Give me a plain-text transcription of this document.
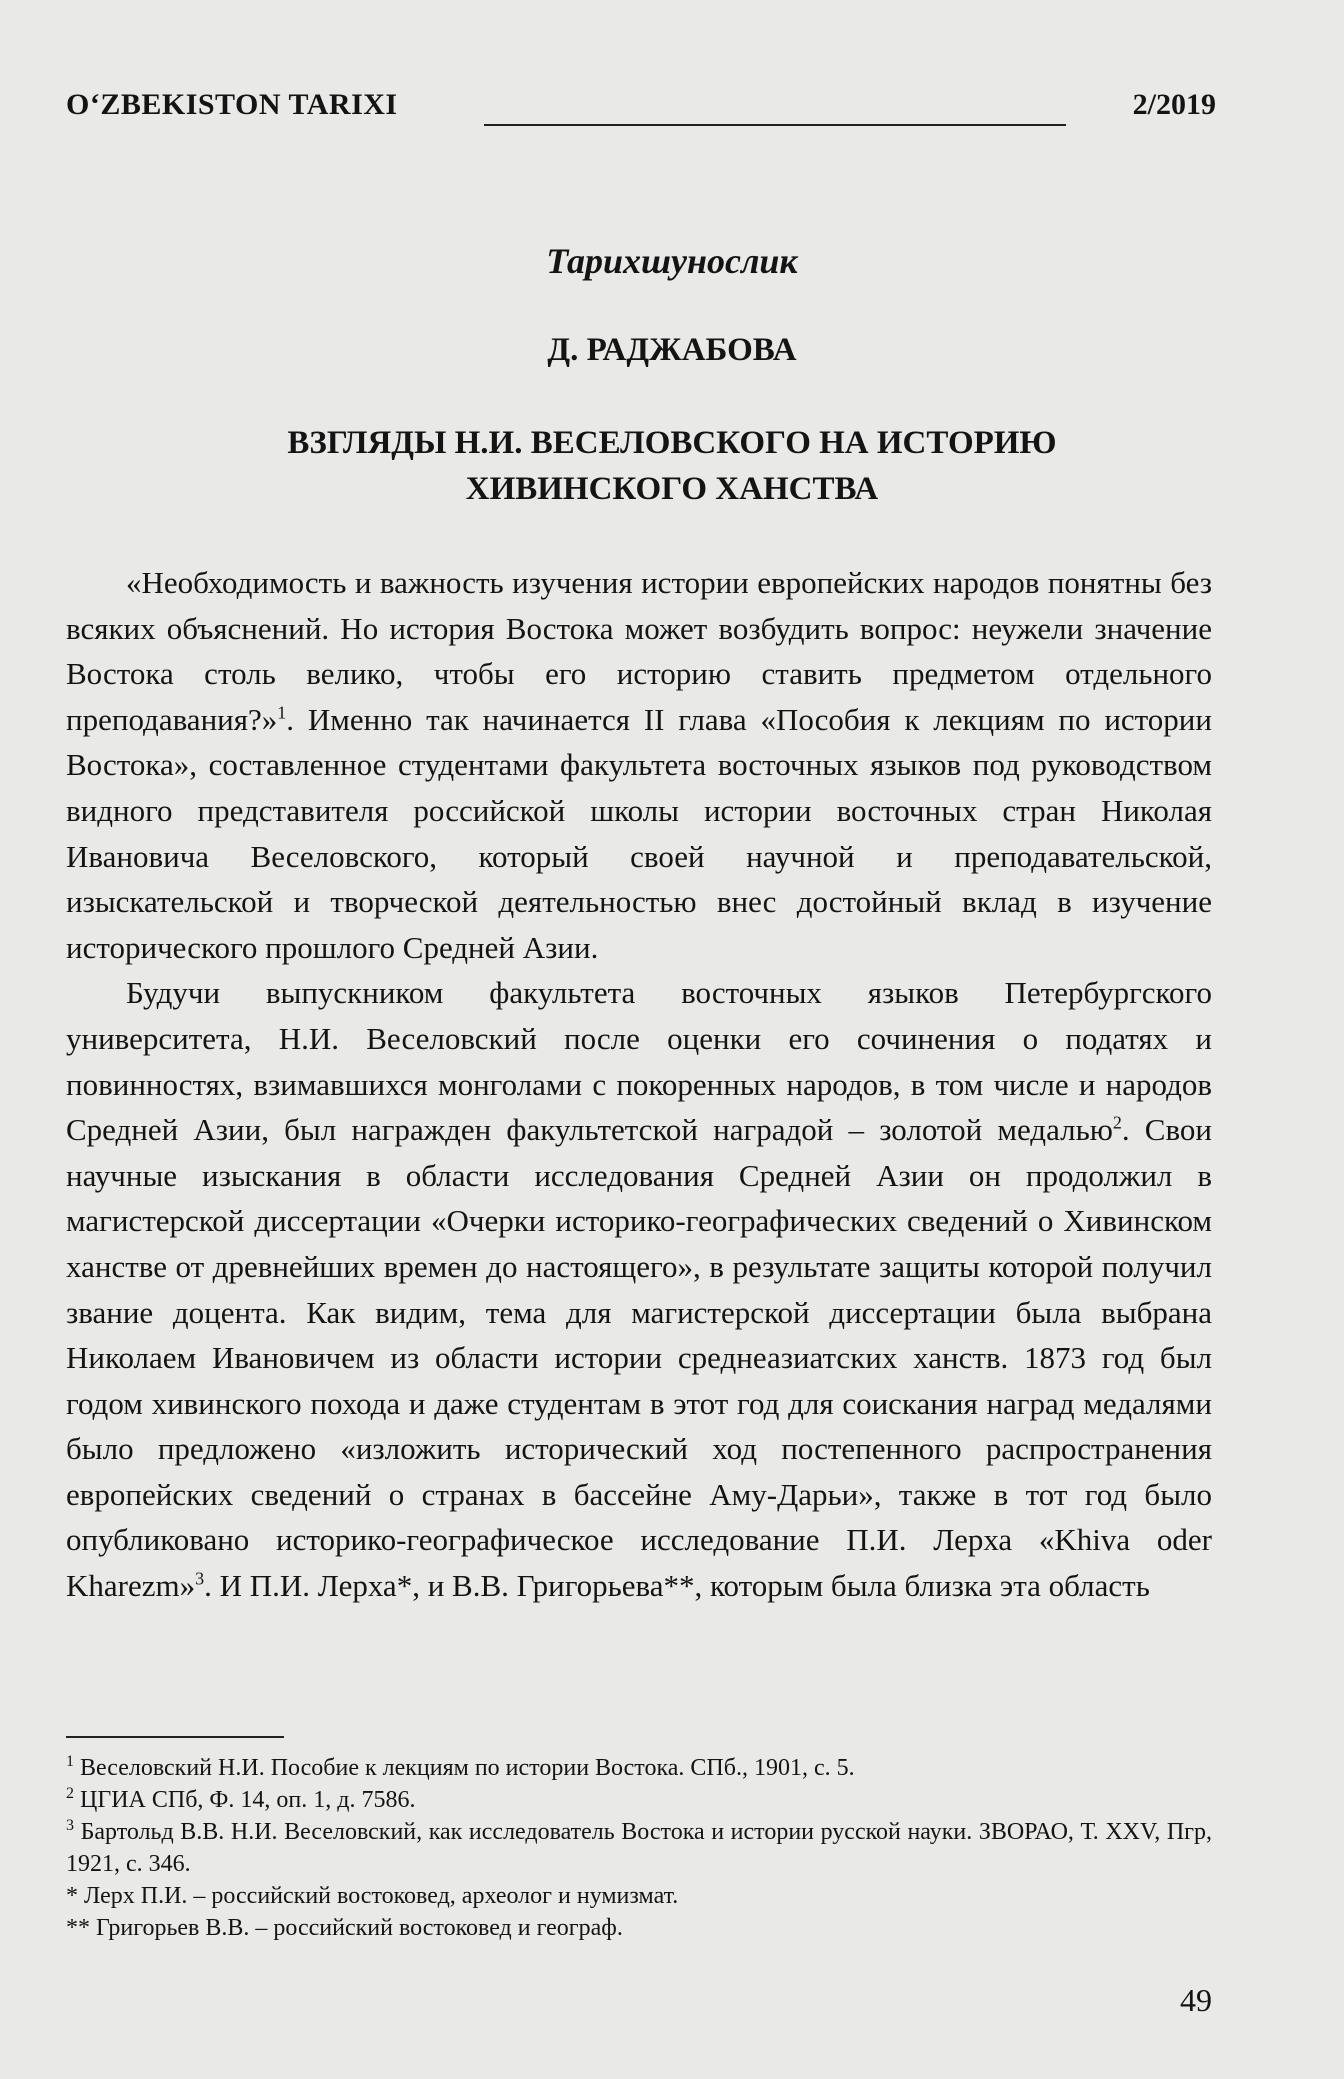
O‘ZBEKISTON TARIXI	2/2019
Тарихшунослик
Д. РАДЖАБОВА
ВЗГЛЯДЫ Н.И. ВЕСЕЛОВСКОГО НА ИСТОРИЮ
ХИВИНСКОГО ХАНСТВА

«Необходимость и важность изучения истории европейских народов понятны без всяких объяснений. Но история Востока может возбудить вопрос: неужели значение Востока столь велико, чтобы его историю ставить предметом отдельного преподавания?»$^1$. Именно так начинается II глава «Пособия к лекциям по истории Востока», составленное студентами факультета восточных языков под руководством видного представителя российской школы истории восточных стран Николая Ивановича Веселовского, который своей научной и преподавательской, изыскательской и творческой деятельностью внес достойный вклад в изучение исторического прошлого Средней Азии.

Будучи выпускником факультета восточных языков Петербургского университета, Н.И. Веселовский после оценки его сочинения о податях и повинностях, взимавшихся монголами с покоренных народов, в том числе и народов Средней Азии, был награжден факультетской наградой – золотой медалью$^2$. Свои научные изыскания в области исследования Средней Азии он продолжил в магистерской диссертации «Очерки историко-географических сведений о Хивинском ханстве от древнейших времен до настоящего», в результате защиты которой получил звание доцента. Как видим, тема для магистерской диссертации была выбрана Николаем Ивановичем из области истории среднеазиатских ханств. 1873 год был годом хивинского похода и даже студентам в этот год для соискания наград медалями было предложено «изложить исторический ход постепенного распространения европейских сведений о странах в бассейне Аму-Дарьи», также в тот год было опубликовано историко-географическое исследование П.И. Лерха «Khiva oder Kharezm»$^3$. И П.И. Лерха*, и В.В. Григорьева**, которым была близка эта область

$^1$ Веселовский Н.И. Пособие к лекциям по истории Востока. СПб., 1901, с. 5.

$^2$ ЦГИА СПб, Ф. 14, оп. 1, д. 7586.

$^3$ Бартольд В.В. Н.И. Веселовский, как исследователь Востока и истории русской науки. ЗВОРАО, Т. XXV, Пгр, 1921, с. 346.

* Лерх П.И. – российский востоковед, археолог и нумизмат.

** Григорьев В.В. – российский востоковед и географ.

49
